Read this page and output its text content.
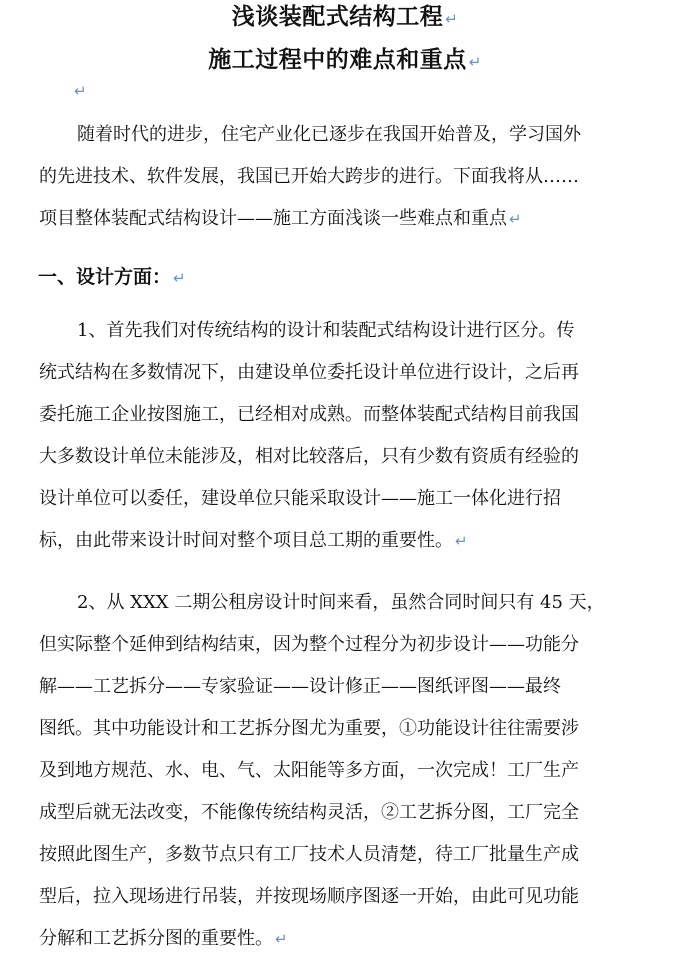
浅谈装配式结构工程 ↵
施工过程中的难点和重点 ↵
↵
随着时代的进步，住宅产业化已逐步在我国开始普及，学习国外
的先进技术、软件发展，我国已开始大跨步的进行。下面我将从……
项目整体装配式结构设计——施工方面浅谈一些难点和重点 ↵
一、设计方面： ↵
1、首先我们对传统结构的设计和装配式结构设计进行区分。传
统式结构在多数情况下，由建设单位委托设计单位进行设计，之后再
委托施工企业按图施工，已经相对成熟。而整体装配式结构目前我国
大多数设计单位未能涉及，相对比较落后，只有少数有资质有经验的
设计单位可以委任，建设单位只能采取设计——施工一体化进行招
标，由此带来设计时间对整个项目总工期的重要性。 ↵
2、从 XXX 二期公租房设计时间来看，虽然合同时间只有 45 天，
但实际整个延伸到结构结束，因为整个过程分为初步设计——功能分
解——工艺拆分——专家验证——设计修正——图纸评图——最终
图纸。其中功能设计和工艺拆分图尤为重要，①功能设计往往需要涉
及到地方规范、水、电、气、太阳能等多方面，一次完成！工厂生产
成型后就无法改变，不能像传统结构灵活，②工艺拆分图，工厂完全
按照此图生产，多数节点只有工厂技术人员清楚，待工厂批量生产成
型后，拉入现场进行吊装，并按现场顺序图逐一开始，由此可见功能
分解和工艺拆分图的重要性。 ↵
